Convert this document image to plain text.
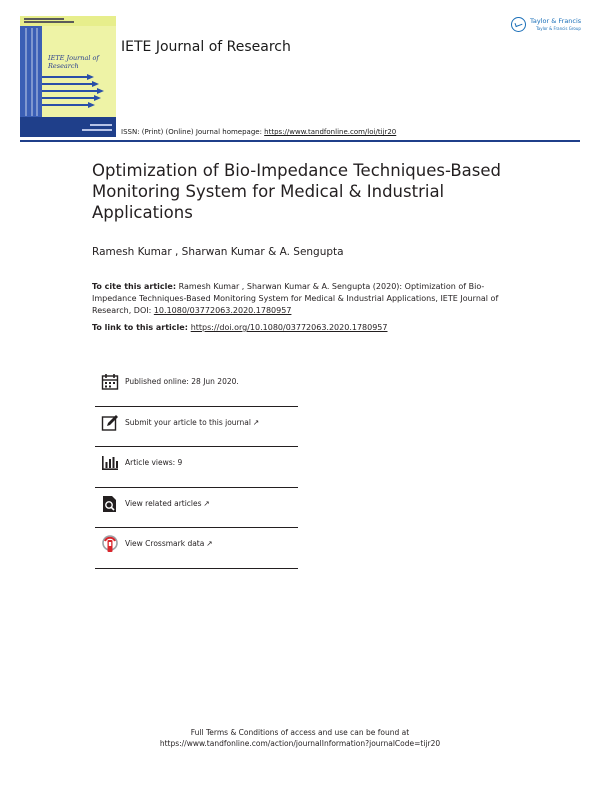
IETE Journal of Research
IETE Journal of Research
ISSN: (Print) (Online) Journal homepage: https://www.tandfonline.com/loi/tijr20
Taylor & Francis
Taylor & Francis Group
Optimization of Bio-Impedance Techniques-Based Monitoring System for Medical & Industrial Applications
Ramesh Kumar , Sharwan Kumar & A. Sengupta
To cite this article: Ramesh Kumar , Sharwan Kumar & A. Sengupta (2020): Optimization of Bio-Impedance Techniques-Based Monitoring System for Medical & Industrial Applications, IETE Journal of Research, DOI: 10.1080/03772063.2020.1780957
To link to this article: https://doi.org/10.1080/03772063.2020.1780957
Published online: 28 Jun 2020.
Submit your article to this journal ↗
Article views: 9
View related articles ↗
View Crossmark data ↗
Full Terms & Conditions of access and use can be found at
https://www.tandfonline.com/action/journalInformation?journalCode=tijr20
